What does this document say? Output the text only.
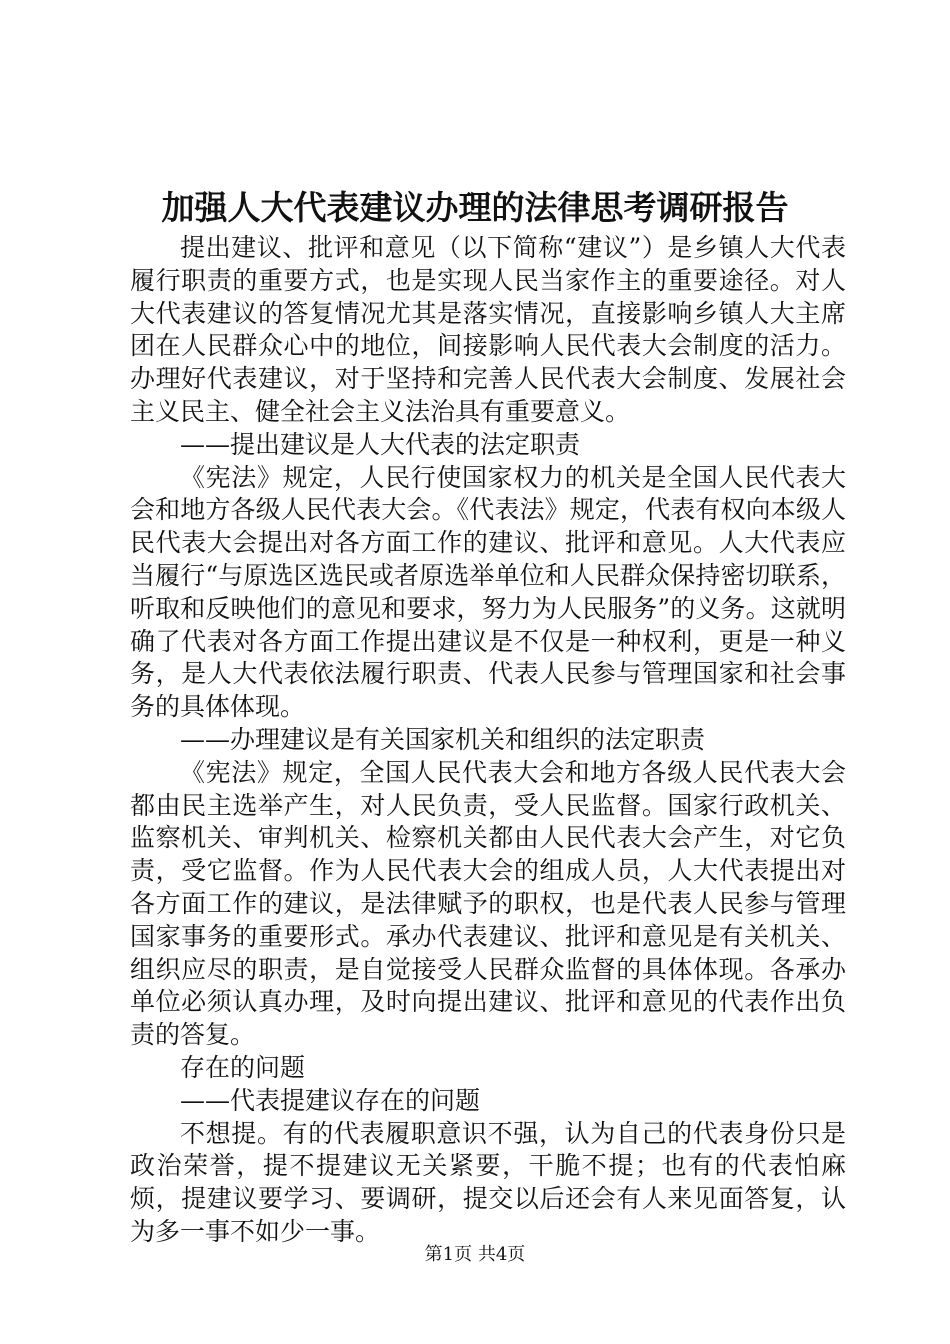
加强人大代表建议办理的法律思考调研报告

提出建议、批评和意见（以下简称“建议”）是乡镇人大代表履行职责的重要方式，也是实现人民当家作主的重要途径。对人大代表建议的答复情况尤其是落实情况，直接影响乡镇人大主席团在人民群众心中的地位，间接影响人民代表大会制度的活力。办理好代表建议，对于坚持和完善人民代表大会制度、发展社会主义民主、健全社会主义法治具有重要意义。

——提出建议是人大代表的法定职责

《宪法》规定，人民行使国家权力的机关是全国人民代表大会和地方各级人民代表大会。《代表法》规定，代表有权向本级人民代表大会提出对各方面工作的建议、批评和意见。人大代表应当履行“与原选区选民或者原选举单位和人民群众保持密切联系，听取和反映他们的意见和要求，努力为人民服务”的义务。这就明确了代表对各方面工作提出建议是不仅是一种权利，更是一种义务，是人大代表依法履行职责、代表人民参与管理国家和社会事务的具体体现。

——办理建议是有关国家机关和组织的法定职责

《宪法》规定，全国人民代表大会和地方各级人民代表大会都由民主选举产生，对人民负责，受人民监督。国家行政机关、监察机关、审判机关、检察机关都由人民代表大会产生，对它负责，受它监督。作为人民代表大会的组成人员，人大代表提出对各方面工作的建议，是法律赋予的职权，也是代表人民参与管理国家事务的重要形式。承办代表建议、批评和意见是有关机关、组织应尽的职责，是自觉接受人民群众监督的具体体现。各承办单位必须认真办理，及时向提出建议、批评和意见的代表作出负责的答复。

存在的问题

——代表提建议存在的问题

不想提。有的代表履职意识不强，认为自己的代表身份只是政治荣誉，提不提建议无关紧要，干脆不提；也有的代表怕麻烦，提建议要学习、要调研，提交以后还会有人来见面答复，认为多一事不如少一事。

第1页 共4页
